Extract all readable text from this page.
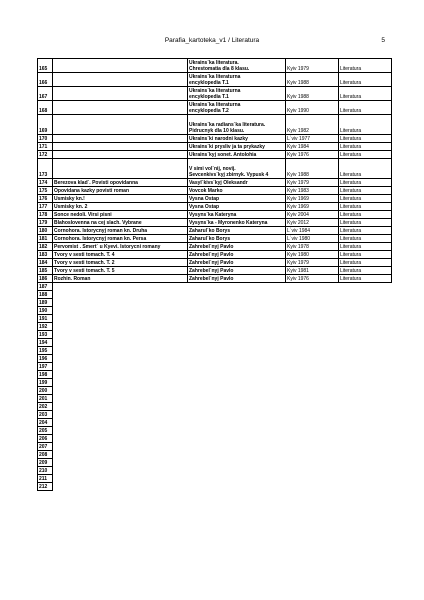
Parafia_kartoteka_v1 / Literatura	5
165		Ukrains`ka literatura.
Chrestomatia dla 8 klasu.	Kyiv 1979	Literatura
166		Ukrains`ka literaturna
encyklopedia T.1	Kyiv 1988	Literatura
167		Ukrains`ka literaturna
encyklopedia T.1	Kyiv 1988	Literatura
168		Ukrains`ka literaturna
encyklopedia T.2	Kyiv 1990	Literatura
169		Ukrains`ka radians`ka literatura.
Pidrucnyk dla 10 klasu.	Kyiv 1982	Literatura
170		Ukrains`ki narodni kazky	L`viv 1977	Literatura
171		Ukrains`ki prysliv ja ta prykazky	Kyiv 1984	Literatura
172		Ukrains`kyj sonet. Antolohia	Kyiv 1976	Literatura
173		V simi vol`nij, novij.
Sevcenkivs`kyj zbirnyk. Vypusk 4	Kyiv 1988	Literatura
174	Berezova klad`. Povisti opovidanna	Vasyl`kivs`kyj Oleksandr	Kyiv 1979	Literatura
175	Opovidana kazky povisti roman	Vovcok Marko	Kyiv 1983	Literatura
176	Usmisky kn.!	Vysna Ostap	Kyiv 1969	Literatura
177	Usmisky kn. 2	Vysna Ostap	Kyiv 1969	Literatura
178	Sonce nedoli. Virsi pisni	Vysyns`ka Kateryna	Kyiv 2004	Literatura
179	Blahoslovenna na cej slach. Vybrane	Vysyns`ka - Myronenko Kateryna	Kyiv 2012	Literatura
180	Cornohora. Istorycnyj roman kn. Druha	Zaharul`ko Borys	L`viv 1984	Literatura
181	Cornohora. Istorycnyj roman kn. Persa	Zaharul`ko Borys	L`viv 1980	Literatura
182	Pervomist . Smert` u Kyevi. Istorycni romany	Zahrebel`nyj Pavlo	Kyiv 1978	Literatura
183	Tvory v sesti tomach. T. 4	Zahrebel`nyj Pavlo	Kyiv 1980	Literatura
184	Tvory v sesti tomach. T. 2	Zahrebel`nyj Pavlo	Kyiv 1979	Literatura
185	Tvory v sesti tomach. T. 5	Zahrebel`nyj Pavlo	Kyiv 1981	Literatura
186	Rozhin. Roman	Zahrebel`nyj Pavlo	Kyiv 1976	Literatura
187				
188				
189				
190				
191				
192				
193				
194				
195				
196				
197				
198				
199				
200				
201				
202				
203				
204				
205				
206				
207				
208				
209				
210				
211				
212				
